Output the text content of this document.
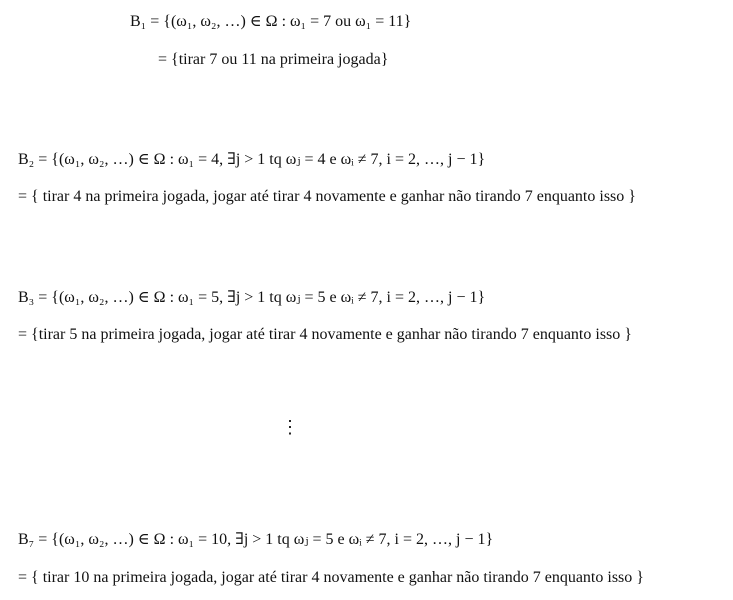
B₁ = {(ω₁, ω₂, …) ∈ Ω : ω₁ = 7 ou ω₁ = 11}
= {tirar 7 ou 11 na primeira jogada}
B₂ = {(ω₁, ω₂, …) ∈ Ω : ω₁ = 4, ∃j > 1 tq ωⱼ = 4 e ωᵢ ≠ 7, i = 2, …, j − 1}
= { tirar 4 na primeira jogada, jogar até tirar 4 novamente e ganhar não tirando 7 enquanto isso }
B₃ = {(ω₁, ω₂, …) ∈ Ω : ω₁ = 5, ∃j > 1 tq ωⱼ = 5 e ωᵢ ≠ 7, i = 2, …, j − 1}
= {tirar 5 na primeira jogada, jogar até tirar 4 novamente e ganhar não tirando 7 enquanto isso }
⋮
B₇ = {(ω₁, ω₂, …) ∈ Ω : ω₁ = 10, ∃j > 1 tq ωⱼ = 5 e ωᵢ ≠ 7, i = 2, …, j − 1}
= { tirar 10 na primeira jogada, jogar até tirar 4 novamente e ganhar não tirando 7 enquanto isso }
